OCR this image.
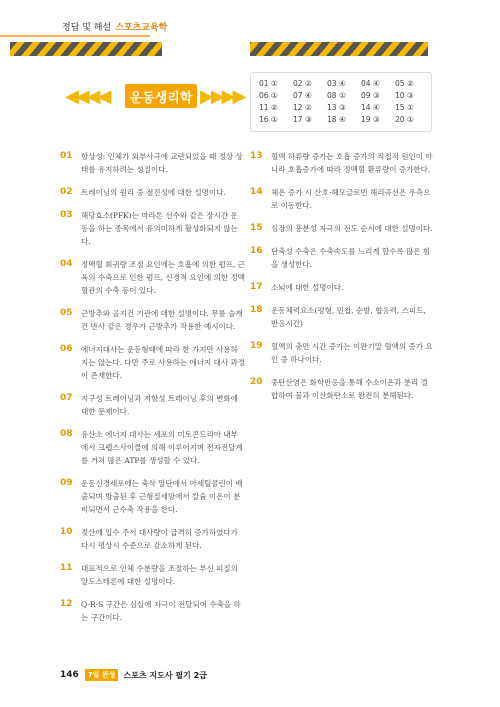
정답 및 해설 스포츠교육학
◀◀◀◀ 운동생리학 ▶▶▶▶
01 ①	02 ②	03 ④	04 ④	05 ②
06 ①	07 ④	08 ①	09 ③	10 ③
11 ②	12 ②	13 ③	14 ④	15 ①
16 ①	17 ③	18 ④	19 ③	20 ①
01 항상성: 인체가 외부사극에 교란되었을 때 정상 상태를 유지하려는 성질이다.
02 트레이닝의 원리 중 점진성에 대한 설명이다.
03 해당효소(PFK)는 마라톤 선수와 같은 장시간 운동을 하는 종목에서 유의미하게 활성화되지 않는다.
04 정맥혈 회귀량 조절 요인에는 호흡에 의한 펌프, 근육의 수축으로 인한 펌프, 신경적 요인에 의한 정맥혈관의 수축 등이 있다.
05 근방추와 골지건 기관에 대한 설명이다. 무릎 슬개건 반사 같은 경우가 근방추가 작용한 예시이다.
06 에너지대사는 운동형태에 따라 한 가지만 사용하지는 않는다. 다만 주로 사용하는 에너지 대사 과정이 존재한다.
07 지구성 트레이닝과 저항성 트레이닝 후의 변화에 대한 문제이다.
08 유산소 에너지 대사는 세포의 미토콘드리아 내부에서 크렙스사이클에 의해 이루어지며 전자전달계를 거쳐 많은 ATP를 생성할 수 있다.
09 운동신경세포에는 축삭 말단에서 아세틸콜린이 배출되며 방출된 후 근형질세망에서 칼슘 이온이 분비되면서 근수축 작용을 한다.
10 젖산에 입수 주서 대사량이 급격히 증가하였다가 다시 평상시 수준으로 감소하게 된다.
11 대표적으로 인체 수분량을 조절하는 부신 피질의 알도스테론에 대한 설명이다.
12 Q-R-S 구간은 심실에 자극이 전달되어 수축을 하는 구간이다.
13 혈액 하류량 증가는 호흡 증가의 직접적 원인이 아니라 호흡증가에 따라 정맥혈 환류량이 증가한다.
14 체온 증가 시 산호-헤모글로빈 해리곡선은 우측으로 이동한다.
15 심장의 흥분성 자극의 전도 순서에 대한 설명이다.
16 단축성 수축은 수축속도를 느리게 할수록 많은 힘을 생성한다.
17 소뇌에 대한 설명이다.
18 운동체력요소(평형, 민첩, 순발, 협응력, 스피드, 반응시간)
19 혈액의 충만 시간 증가는 이완기말 혈액의 증가 요인 중 하나이다.
20 중탄산염은 화학반응을 통해 수소이온과 분리 결합하여 물과 이산화탄소로 완전히 분해된다.
146	7일 완성	스포츠 지도사 필기 2급
